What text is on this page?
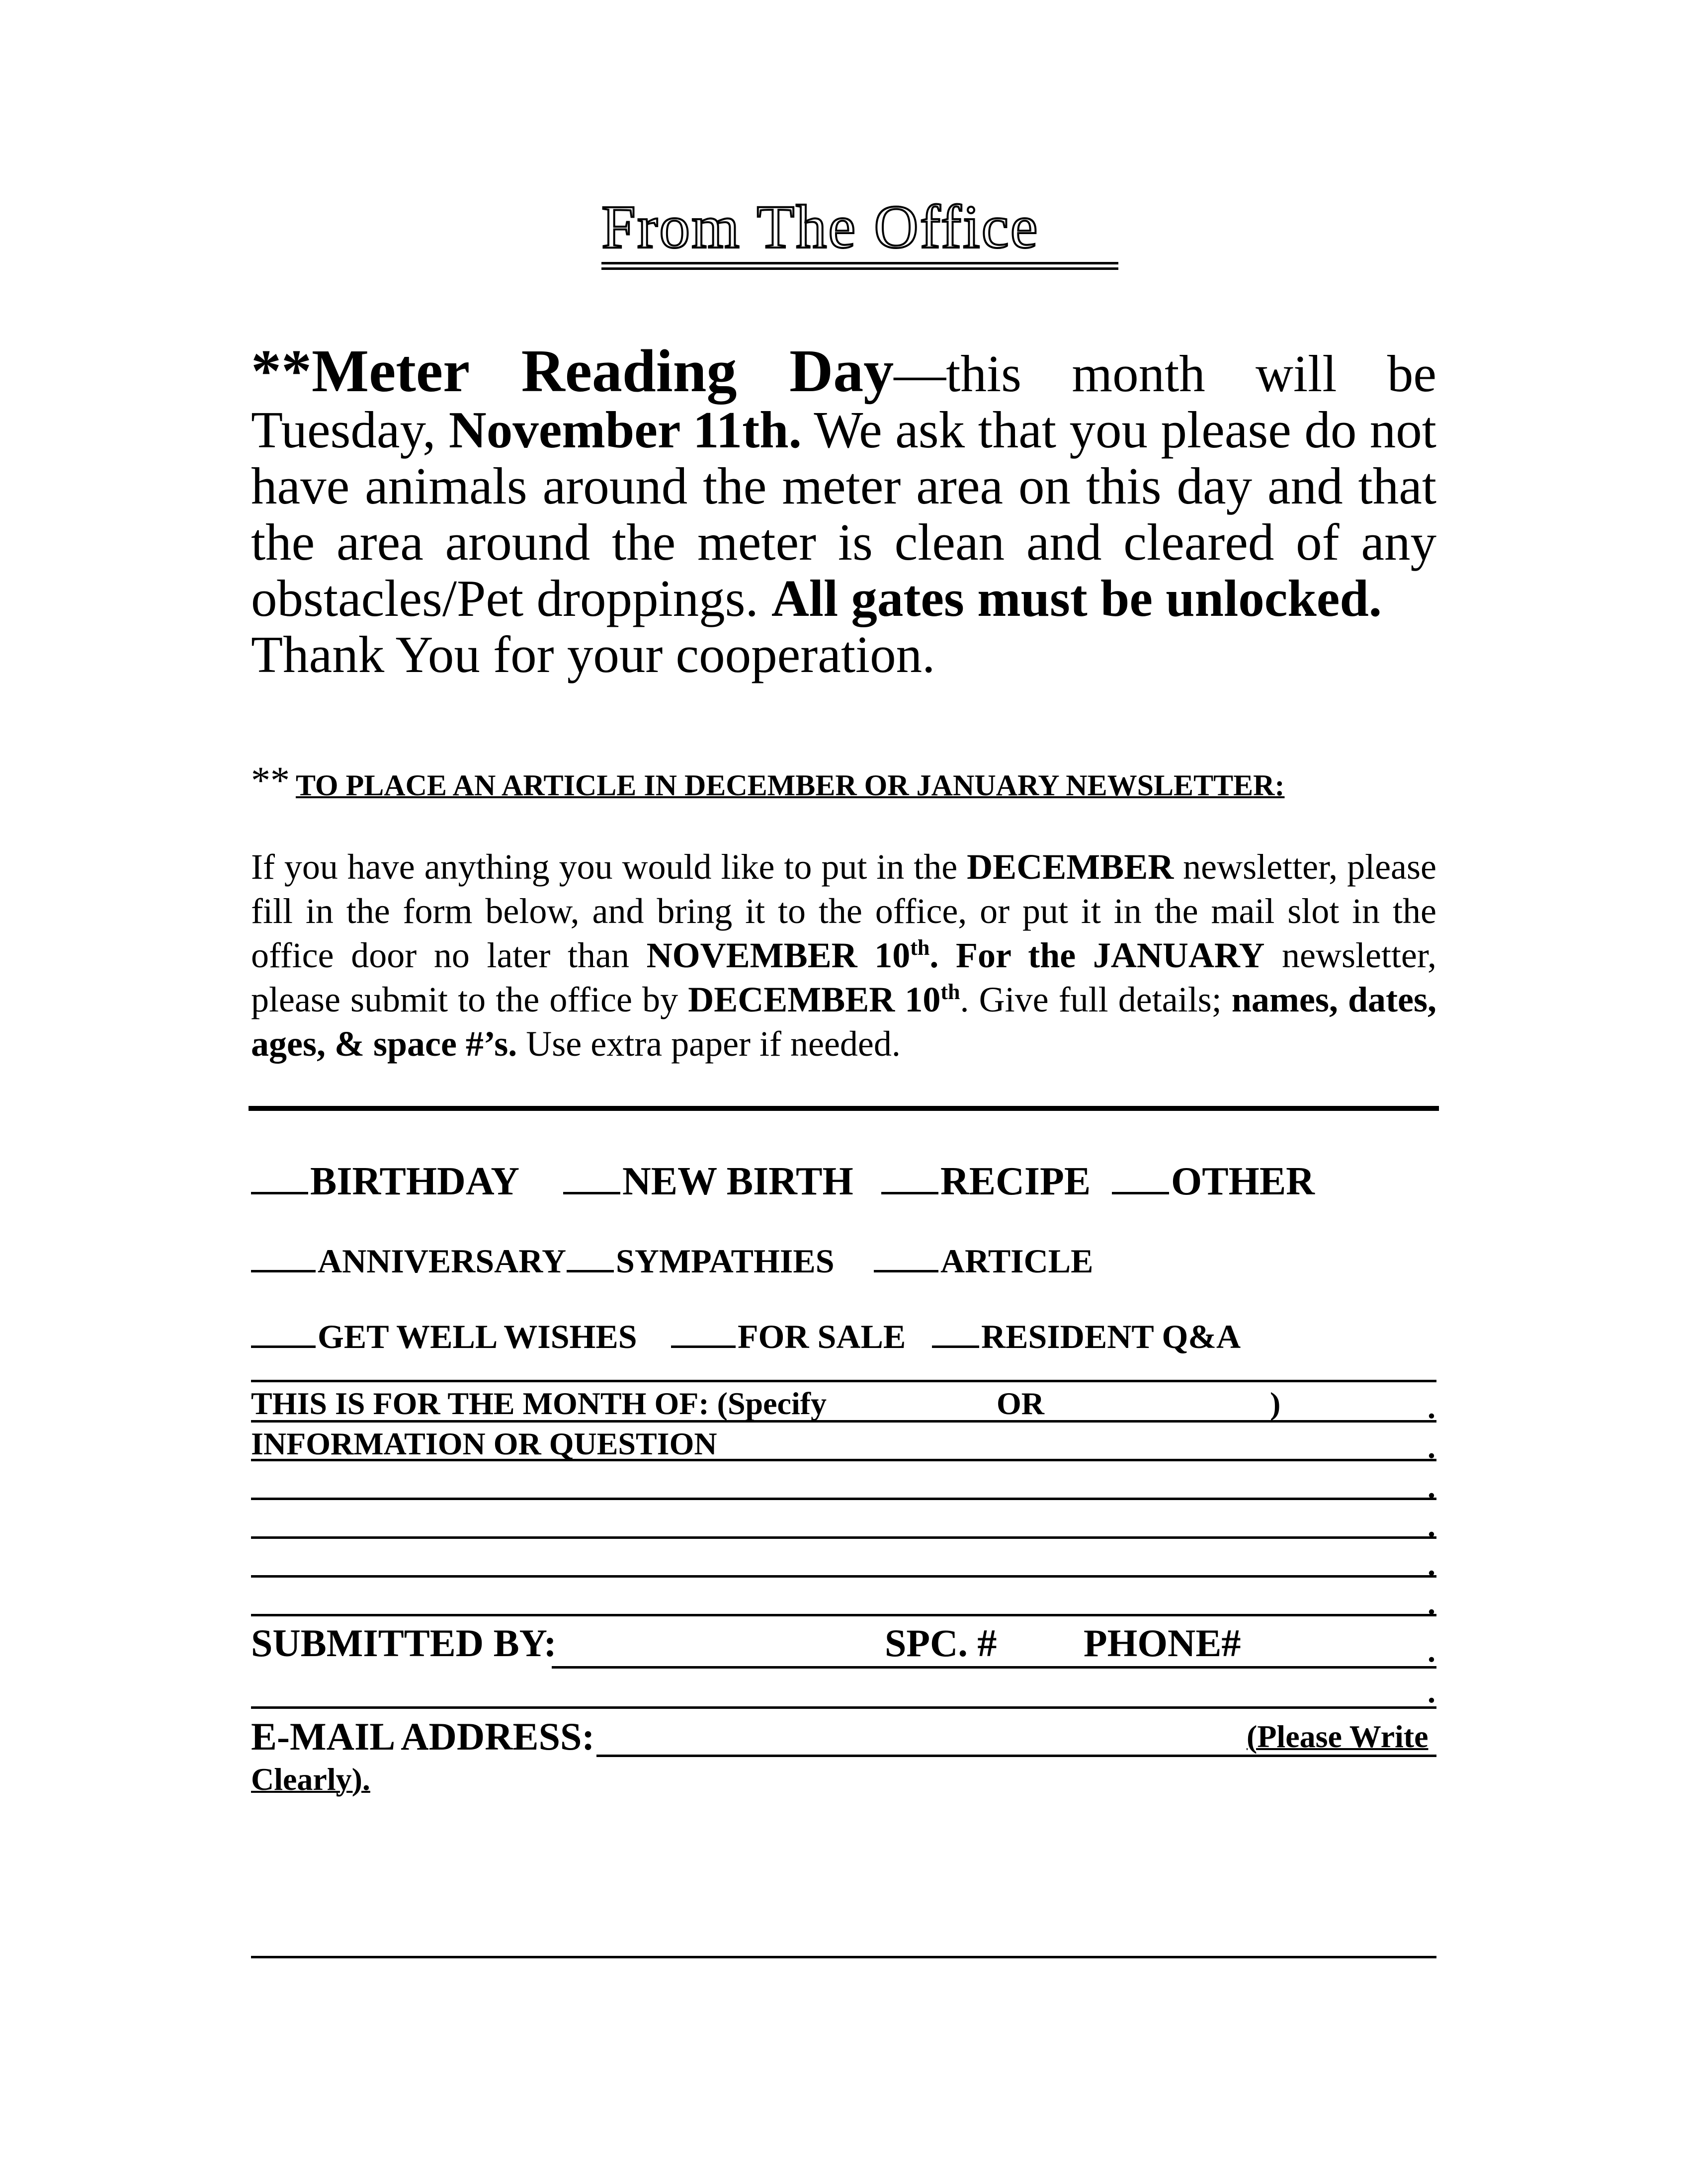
From The Office
**Meter Reading Day—this month will be Tuesday, November 11th. We ask that you please do not have animals around the meter area on this day and that the area around the meter is clean and cleared of any obstacles/Pet droppings. All gates must be unlocked.
Thank You for your cooperation.
** TO PLACE AN ARTICLE IN DECEMBER OR JANUARY NEWSLETTER:
If you have anything you would like to put in the DECEMBER newsletter, please fill in the form below, and bring it to the office, or put it in the mail slot in the office door no later than NOVEMBER 10th. For the JANUARY newsletter, please submit to the office by DECEMBER 10th. Give full details; names, dates, ages, & space #’s. Use extra paper if needed.
BIRTHDAY	NEW BIRTH	RECIPE	OTHER
ANNIVERSARY	SYMPATHIES	ARTICLE
GET WELL WISHES	FOR SALE	RESIDENT Q&A
THIS IS FOR THE MONTH OF: (Specify	OR	)	.
INFORMATION OR QUESTION	.
.
.
.
.
SUBMITTED BY:	SPC. # PHONE#	.
.
E-MAIL ADDRESS:	(Please Write
Clearly).
